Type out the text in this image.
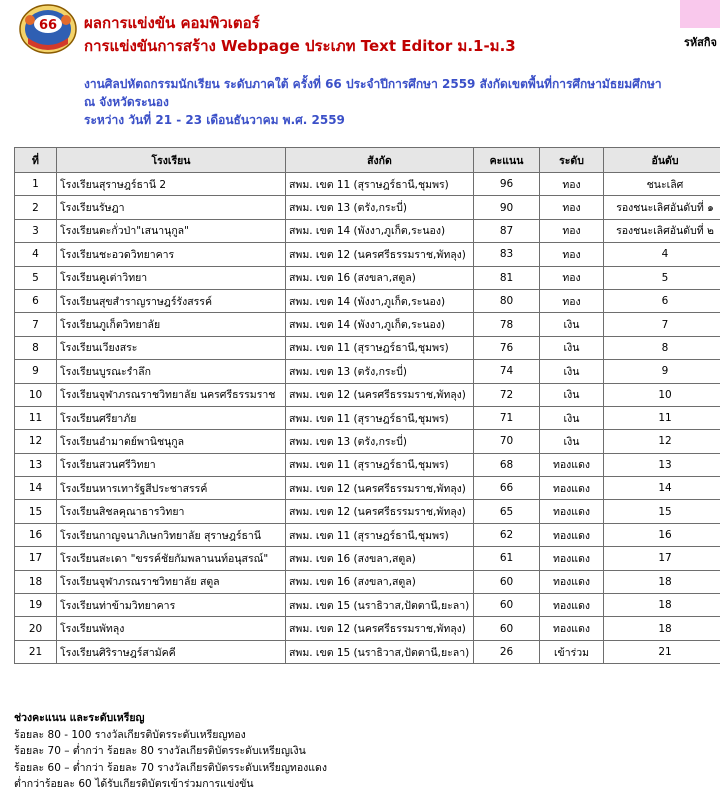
66 ผลการแข่งขัน คอมพิวเตอร์
การแข่งขันการสร้าง Webpage ประเภท Text Editor ม.1-ม.3	รหัสกิจ
งานศิลปหัตถกรรมนักเรียน ระดับภาคใต้ ครั้งที่ 66 ประจำปีการศึกษา 2559 สังกัดเขตพื้นที่การศึกษามัธยมศึกษา
ณ จังหวัดระนอง
ระหว่าง วันที่ 21 - 23 เดือนธันวาคม พ.ศ. 2559
ที่	โรงเรียน	สังกัด	คะแนน	ระดับ	อันดับ
1	โรงเรียนสุราษฎร์ธานี 2	สพม. เขต 11 (สุราษฎร์ธานี,ชุมพร)	96	ทอง	ชนะเลิศ
2	โรงเรียนรัษฎา	สพม. เขต 13 (ตรัง,กระบี่)	90	ทอง	รองชนะเลิศอันดับที่ ๑
3	โรงเรียนตะกั่วป่า"เสนานุกูล"	สพม. เขต 14 (พังงา,ภูเก็ต,ระนอง)	87	ทอง	รองชนะเลิศอันดับที่ ๒
4	โรงเรียนชะอวดวิทยาคาร	สพม. เขต 12 (นครศรีธรรมราช,พัทลุง)	83	ทอง	4
5	โรงเรียนคูเต่าวิทยา	สพม. เขต 16 (สงขลา,สตูล)	81	ทอง	5
6	โรงเรียนสุขสำราญราษฎร์รังสรรค์	สพม. เขต 14 (พังงา,ภูเก็ต,ระนอง)	80	ทอง	6
7	โรงเรียนภูเก็ตวิทยาลัย	สพม. เขต 14 (พังงา,ภูเก็ต,ระนอง)	78	เงิน	7
8	โรงเรียนเวียงสระ	สพม. เขต 11 (สุราษฎร์ธานี,ชุมพร)	76	เงิน	8
9	โรงเรียนบูรณะรำลึก	สพม. เขต 13 (ตรัง,กระบี่)	74	เงิน	9
10	โรงเรียนจุฬาภรณราชวิทยาลัย นครศรีธรรมราช	สพม. เขต 12 (นครศรีธรรมราช,พัทลุง)	72	เงิน	10
11	โรงเรียนศรียาภัย	สพม. เขต 11 (สุราษฎร์ธานี,ชุมพร)	71	เงิน	11
12	โรงเรียนอำมาตย์พานิชนุกูล	สพม. เขต 13 (ตรัง,กระบี่)	70	เงิน	12
13	โรงเรียนสวนศรีวิทยา	สพม. เขต 11 (สุราษฎร์ธานี,ชุมพร)	68	ทองแดง	13
14	โรงเรียนหารเทารัฐสีประชาสรรค์	สพม. เขต 12 (นครศรีธรรมราช,พัทลุง)	66	ทองแดง	14
15	โรงเรียนสิชลคุณาธารวิทยา	สพม. เขต 12 (นครศรีธรรมราช,พัทลุง)	65	ทองแดง	15
16	โรงเรียนกาญจนาภิเษกวิทยาลัย สุราษฎร์ธานี	สพม. เขต 11 (สุราษฎร์ธานี,ชุมพร)	62	ทองแดง	16
17	โรงเรียนสะเดา "ขรรค์ชัยกัมพลานนท์อนุสรณ์"	สพม. เขต 16 (สงขลา,สตูล)	61	ทองแดง	17
18	โรงเรียนจุฬาภรณราชวิทยาลัย สตูล	สพม. เขต 16 (สงขลา,สตูล)	60	ทองแดง	18
19	โรงเรียนท่าข้ามวิทยาคาร	สพม. เขต 15 (นราธิวาส,ปัตตานี,ยะลา)	60	ทองแดง	18
20	โรงเรียนพัทลุง	สพม. เขต 12 (นครศรีธรรมราช,พัทลุง)	60	ทองแดง	18
21	โรงเรียนศิริราษฎร์สามัคคี	สพม. เขต 15 (นราธิวาส,ปัตตานี,ยะลา)	26	เข้าร่วม	21
ช่วงคะแนน และระดับเหรียญ
ร้อยละ 80 - 100 รางวัลเกียรติบัตรระดับเหรียญทอง
ร้อยละ 70 – ต่ำกว่า ร้อยละ 80 รางวัลเกียรติบัตรระดับเหรียญเงิน
ร้อยละ 60 – ต่ำกว่า ร้อยละ 70 รางวัลเกียรติบัตรระดับเหรียญทองแดง
ต่ำกว่าร้อยละ 60 ได้รับเกียรติบัตรเข้าร่วมการแข่งขัน
